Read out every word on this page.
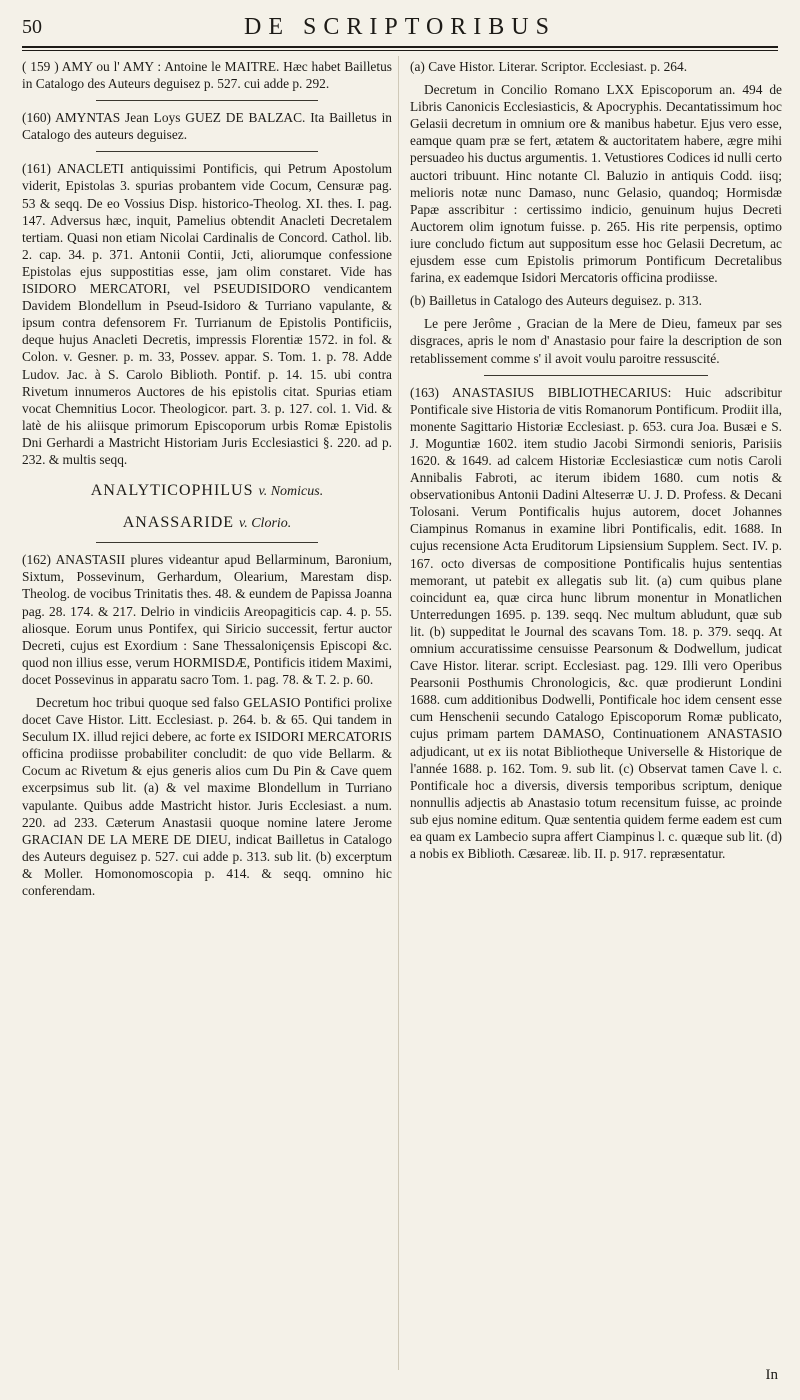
50	DE SCRIPTORIBUS

( 159 ) AMY ou l' AMY : Antoine le MAITRE. Hæc habet Bailletus in Catalogo des Auteurs deguisez p. 527. cui adde p. 292.

(160) AMYNTAS Jean Loys GUEZ DE BALZAC. Ita Bailletus in Catalogo des auteurs deguisez.

(161) ANACLETI antiquissimi Pontificis, qui Petrum Apostolum viderit, Epistolas 3. spurias probantem vide Cocum, Censuræ pag. 53 & seqq. De eo Vossius Disp. historico-Theolog. XI. thes. I. pag. 147. Adversus hæc, inquit, Pamelius obtendit Anacleti Decretalem tertiam. Quasi non etiam Nicolai Cardinalis de Concord. Cathol. lib. 2. cap. 34. p. 371. Antonii Contii, Jcti, aliorumque confessione Epistolas ejus suppostitias esse, jam olim constaret. Vide has ISIDORO MERCATORI, vel PSEUDISIDORO vendicantem Davidem Blondellum in Pseud-Isidoro & Turriano vapulante, & ipsum contra defensorem Fr. Turrianum de Epistolis Pontificiis, deque hujus Anacleti Decretis, impressis Florentiæ 1572. in fol. & Colon. v. Gesner. p. m. 33, Possev. appar. S. Tom. 1. p. 78. Adde Ludov. Jac. à S. Carolo Biblioth. Pontif. p. 14. 15. ubi contra Rivetum innumeros Auctores de his epistolis citat. Spurias etiam vocat Chemnitius Locor. Theologicor. part. 3. p. 127. col. 1. Vid. & latè de his aliisque primorum Episcoporum urbis Romæ Epistolis Dni Gerhardi a Mastricht Historiam Juris Ecclesiastici §. 220. ad p. 232. & multis seqq.

ANALYTICOPHILUS v. Nomicus.
ANASSARIDE v. Clorio.

(162) ANASTASII plures videantur apud Bellarminum, Baronium, Sixtum, Possevinum, Gerhardum, Olearium, Marestam disp. Theolog. de vocibus Trinitatis thes. 48. & eundem de Papissa Joanna pag. 28. 174. & 217. Delrio in vindiciis Areopagiticis cap. 4. p. 55. aliosque. Eorum unus Pontifex, qui Siricio successit, fertur auctor Decreti, cujus est Exordium : Sane Thessaloniçensis Episcopi &c. quod non illius esse, verum HORMISDÆ, Pontificis itidem Maximi, docet Possevinus in apparatu sacro Tom. 1. pag. 78. & T. 2. p. 60.

Decretum hoc tribui quoque sed falso GELASIO Pontifici prolixe docet Cave Histor. Litt. Ecclesiast. p. 264. b. & 65. Qui tandem in Seculum IX. illud rejici debere, ac forte ex ISIDORI MERCATORIS officina prodiisse probabiliter concludit: de quo vide Bellarm. & Cocum ac Rivetum & ejus generis alios cum Du Pin & Cave quem excerpsimus sub lit. (a) & vel maxime Blondellum in Turriano vapulante. Quibus adde Mastricht histor. Juris Ecclesiast. a num. 220. ad 233. Cæterum Anastasii quoque nomine latere Jerome GRACIAN DE LA MERE DE DIEU, indicat Bailletus in Catalogo des Auteurs deguisez p. 527. cui adde p. 313. sub lit. (b) excerptum & Moller. Homonomoscopia p. 414. & seqq. omnino hic conferendam.

(a) Cave Histor. Literar. Scriptor. Ecclesiast. p. 264.

Decretum in Concilio Romano LXX Episcoporum an. 494 de Libris Canonicis Ecclesiasticis, & Apocryphis. Decantatissimum hoc Gelasii decretum in omnium ore & manibus habetur. Ejus vero esse, eamque quam præ se fert, ætatem & auctoritatem habere, ægre mihi persuadeo his ductus argumentis. 1. Vetustiores Codices id nulli certo auctori tribuunt. Hinc notante Cl. Baluzio in antiquis Codd. iisq; melioris notæ nunc Damaso, nunc Gelasio, quandoq; Hormisdæ Papæ asscribitur : certissimo indicio, genuinum hujus Decreti Auctorem olim ignotum fuisse. p. 265. His rite perpensis, optimo iure concludo fictum aut suppositum esse hoc Gelasii Decretum, ac ejusdem esse cum Epistolis primorum Pontificum Decretalibus farina, ex eademque Isidori Mercatoris officina prodiisse.

(b) Bailletus in Catalogo des Auteurs deguisez. p. 313.

Le pere Jerôme , Gracian de la Mere de Dieu, fameux par ses disgraces, apris le nom d' Anastasio pour faire la description de son retablissement comme s' il avoit voulu paroitre ressuscité.

(163) ANASTASIUS BIBLIOTHECARIUS: Huic adscribitur Pontificale sive Historia de vitis Romanorum Pontificum. Prodiit illa, monente Sagittario Historiæ Ecclesiast. p. 653. cura Joa. Busæi e S. J. Moguntiæ 1602. item studio Jacobi Sirmondi senioris, Parisiis 1620. & 1649. ad calcem Historiæ Ecclesiasticæ cum notis Caroli Annibalis Fabroti, ac iterum ibidem 1680. cum notis & observationibus Antonii Dadini Alteserræ U. J. D. Profess. & Decani Tolosani. Verum Pontificalis hujus autorem, docet Johannes Ciampinus Romanus in examine libri Pontificalis, edit. 1688. In cujus recensione Acta Eruditorum Lipsiensium Supplem. Sect. IV. p. 167. octo diversas de compositione Pontificalis hujus sententias memorant, ut patebit ex allegatis sub lit. (a) cum quibus plane coincidunt ea, quæ circa hunc librum monentur in Monatlichen Unterredungen 1695. p. 139. seqq. Nec multum abludunt, quæ sub lit. (b) suppeditat le Journal des scavans Tom. 18. p. 379. seqq. At omnium accuratissime censuisse Pearsonum & Dodwellum, judicat Cave Histor. literar. script. Ecclesiast. pag. 129. Illi vero Operibus Pearsonii Posthumis Chronologicis, &c. quæ prodierunt Londini 1688. cum additionibus Dodwelli, Pontificale hoc idem censent esse cum Henschenii secundo Catalogo Episcoporum Romæ publicato, cujus primam partem DAMASO, Continuationem ANASTASIO adjudicant, ut ex iis notat Bibliotheque Universelle & Historique de l'année 1688. p. 162. Tom. 9. sub lit. (c) Observat tamen Cave l. c. Pontificale hoc a diversis, diversis temporibus scriptum, denique nonnullis adjectis ab Anastasio totum recensitum fuisse, ac proinde sub ejus nomine editum. Quæ sententia quidem ferme eadem est cum ea quam ex Lambecio supra affert Ciampinus l. c. quæque sub lit. (d) a nobis ex Biblioth. Cæsareæ. lib. II. p. 917. repræsentatur.

In
